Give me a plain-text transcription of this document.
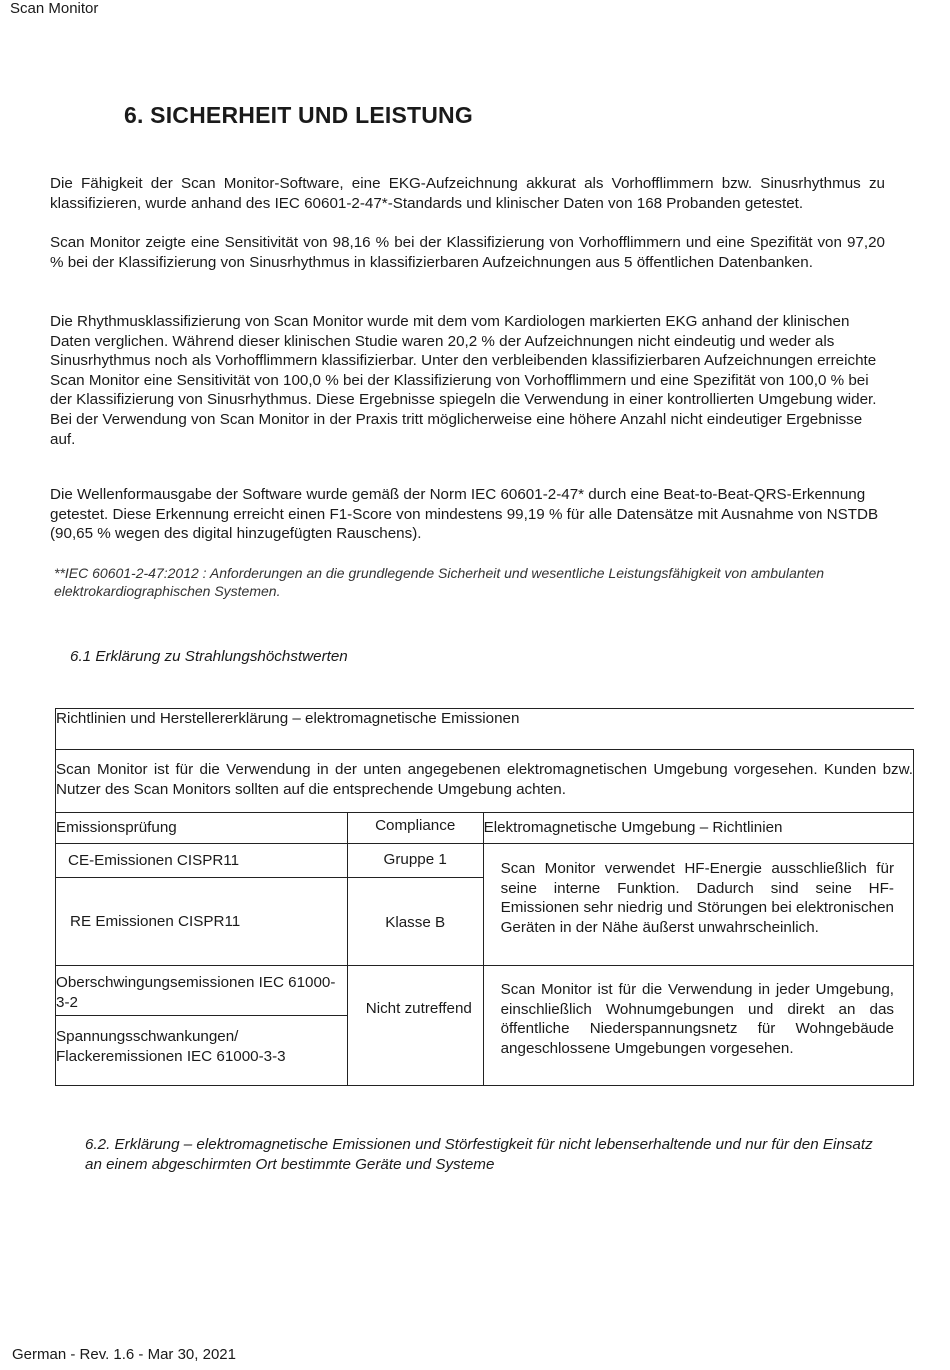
Scan Monitor
6. SICHERHEIT UND LEISTUNG

Die Fähigkeit der Scan Monitor-Software, eine EKG-Aufzeichnung akkurat als Vorhofflimmern bzw. Sinusrhythmus zu klassifizieren, wurde anhand des IEC 60601-2-47*-Standards und klinischer Daten von 168 Probanden getestet.

Scan Monitor zeigte eine Sensitivität von 98,16 % bei der Klassifizierung von Vorhofflimmern und eine Spezifität von 97,20 % bei der Klassifizierung von Sinusrhythmus in klassifizierbaren Aufzeichnungen aus 5 öffentlichen Datenbanken.

Die Rhythmusklassifizierung von Scan Monitor wurde mit dem vom Kardiologen markierten EKG anhand der klinischen Daten verglichen. Während dieser klinischen Studie waren 20,2 % der Aufzeichnungen nicht eindeutig und weder als Sinusrhythmus noch als Vorhofflimmern klassifizierbar. Unter den verbleibenden klassifizierbaren Aufzeichnungen erreichte Scan Monitor eine Sensitivität von 100,0 % bei der Klassifizierung von Vorhofflimmern und eine Spezifität von 100,0 % bei der Klassifizierung von Sinusrhythmus. Diese Ergebnisse spiegeln die Verwendung in einer kontrollierten Umgebung wider. Bei der Verwendung von Scan Monitor in der Praxis tritt möglicherweise eine höhere Anzahl nicht eindeutiger Ergebnisse auf.

Die Wellenformausgabe der Software wurde gemäß der Norm IEC 60601-2-47* durch eine Beat-to-Beat-QRS-Erkennung getestet. Diese Erkennung erreicht einen F1-Score von mindestens 99,19 % für alle Datensätze mit Ausnahme von NSTDB (90,65 % wegen des digital hinzugefügten Rauschens).

**IEC 60601-2-47:2012 : Anforderungen an die grundlegende Sicherheit und wesentliche Leistungsfähigkeit von ambulanten elektrokardiographischen Systemen.

6.1 Erklärung zu Strahlungshöchstwerten

Richtlinien und Herstellererklärung – elektromagnetische Emissionen		
Scan Monitor ist für die Verwendung in der unten angegebenen elektromagnetischen Umgebung vorgesehen. Kunden bzw. Nutzer des Scan Monitors sollten auf die entsprechende Umgebung achten.		
Emissionsprüfung	Compliance	Elektromagnetische Umgebung – Richtlinien
CE-Emissionen CISPR11	Gruppe 1	Scan Monitor verwendet HF-Energie ausschließlich für seine interne Funktion. Dadurch sind seine HF-Emissionen sehr niedrig und Störungen bei elektronischen Geräten in der Nähe äußerst unwahrscheinlich.
RE Emissionen CISPR11	Klasse B	
Oberschwingungsemissionen IEC 61000-3-2	Nicht zutreffend	Scan Monitor ist für die Verwendung in jeder Umgebung, einschließlich Wohnumgebungen und direkt an das öffentliche Niederspannungsnetz für Wohngebäude angeschlossene Umgebungen vorgesehen.
Spannungsschwankungen/ Flackeremissionen IEC 61000-3-3		

6.2. Erklärung – elektromagnetische Emissionen und Störfestigkeit für nicht lebenserhaltende und nur für den Einsatz an einem abgeschirmten Ort bestimmte Geräte und Systeme

German - Rev. 1.6 - Mar 30, 2021
